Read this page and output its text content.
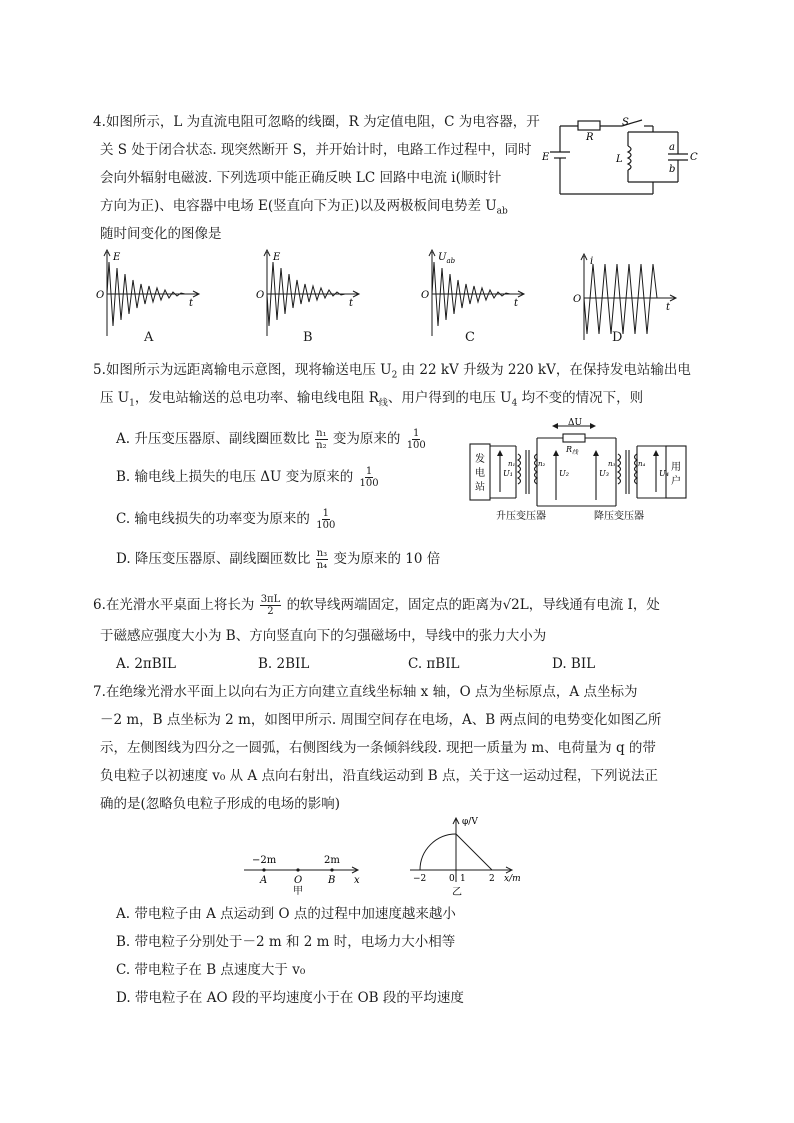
4.如图所示，L 为直流电阻可忽略的线圈，R 为定值电阻，C 为电容器，开
关 S 处于闭合状态. 现突然断开 S，并开始计时，电路工作过程中，同时
会向外辐射电磁波. 下列选项中能正确反映 LC 回路中电流 i(顺时针
方向为正)、电容器中电场 E(竖直向下为正)以及两极板间电势差 $U_{ab}$
随时间变化的图像是
R
S
E	L
a
b
C
E
O
t
A
E
O
t
B
$U_{ab}$
O
t
C
i
O
t
D
5.如图所示为远距离输电示意图，现将输送电压 $U_2$ 由 22 kV 升级为 220 kV，在保持发电站输出电
压 $U_1$，发电站输送的总电功率、输电线电阻 $R_线$、用户得到的电压 $U_4$ 均不变的情况下，则
A. 升压变压器原、副线圈匝数比 $\frac{\text{n₁}}{\text{n₂}}$ 变为原来的 $\frac{1}{100}$
B. 输电线上损失的电压 ΔU 变为原来的 $\frac{1}{100}$
C. 输电线损失的功率变为原来的 $\frac{1}{100}$
D. 降压变压器原、副线圈匝数比 $\frac{\text{n₃}}{\text{n₄}}$ 变为原来的 10 倍
ΔU
$R_线$
发
电
站
用
户
U₁
n₁	n₂
U₂	U₃
n₃	n₄
U₄
升压变压器	降压变压器
6.在光滑水平桌面上将长为 $\frac{3\pi L}{2}$ 的软导线两端固定，固定点的距离为√2L，导线通有电流 I，处
于磁感应强度大小为 B、方向竖直向下的匀强磁场中，导线中的张力大小为
A. 2πBIL	B. 2BIL	C. πBIL	D. BIL
7.在绝缘光滑水平面上以向右为正方向建立直线坐标轴 x 轴，O 点为坐标原点，A 点坐标为
－2 m，B 点坐标为 2 m，如图甲所示. 周围空间存在电场，A、B 两点间的电势变化如图乙所
示，左侧图线为四分之一圆弧，右侧图线为一条倾斜线段. 现把一质量为 m、电荷量为 q 的带
负电粒子以初速度 v₀ 从 A 点向右射出，沿直线运动到 B 点，关于这一运动过程，下列说法正
确的是(忽略负电粒子形成的电场的影响)
−2m	2m
A	O	B x
甲
φ/V
−2	0 1	2 x/m
乙
A. 带电粒子由 A 点运动到 O 点的过程中加速度越来越小
B. 带电粒子分别处于－2 m 和 2 m 时，电场力大小相等
C. 带电粒子在 B 点速度大于 v₀
D. 带电粒子在 AO 段的平均速度小于在 OB 段的平均速度
